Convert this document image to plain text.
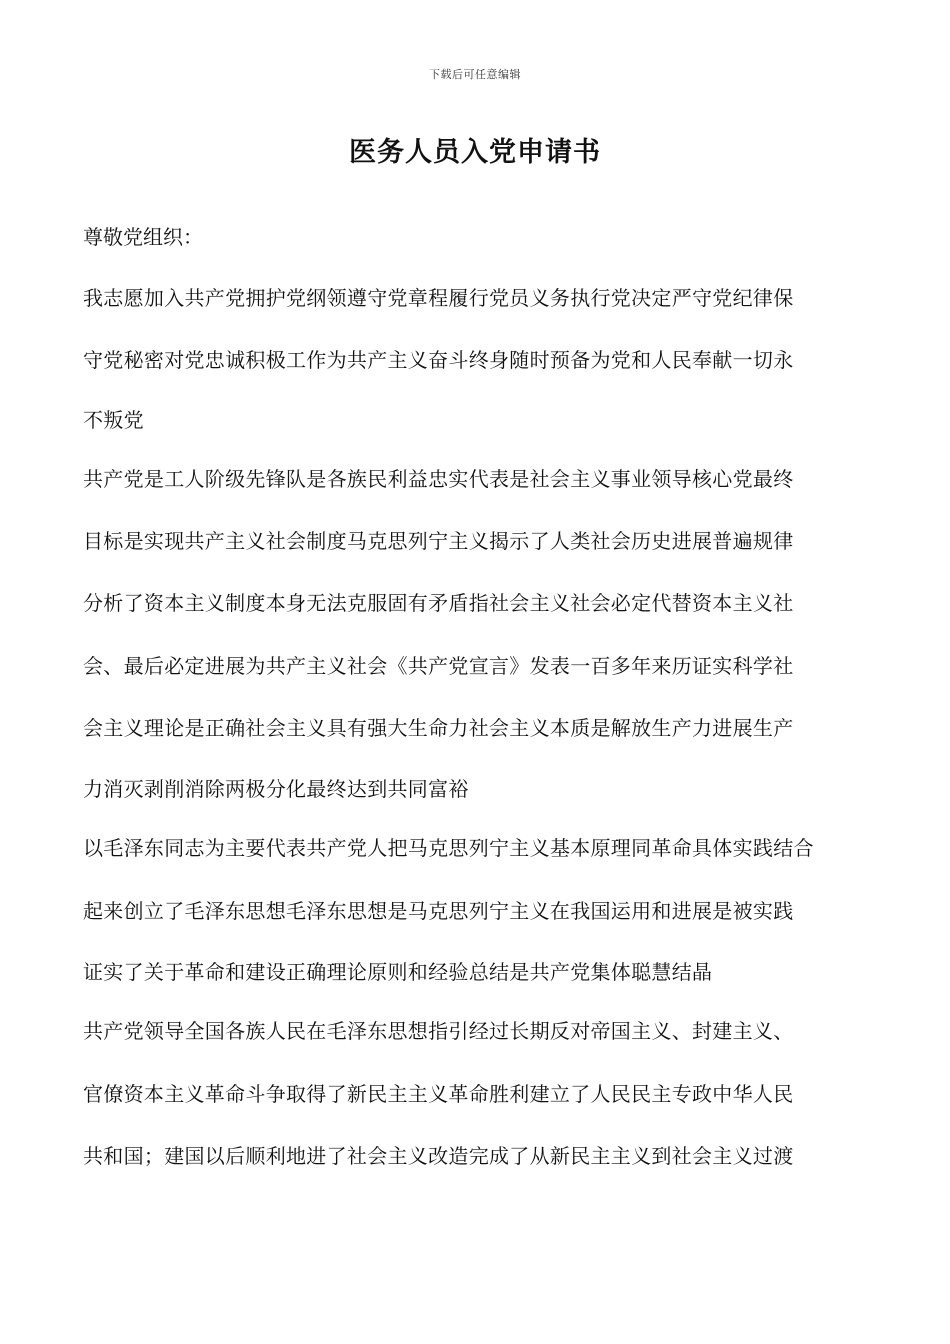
下载后可任意编辑
医务人员入党申请书

尊敬党组织：

我志愿加入共产党拥护党纲领遵守党章程履行党员义务执行党决定严守党纪律保
守党秘密对党忠诚积极工作为共产主义奋斗终身随时预备为党和人民奉献一切永
不叛党
共产党是工人阶级先锋队是各族民利益忠实代表是社会主义事业领导核心党最终
目标是实现共产主义社会制度马克思列宁主义揭示了人类社会历史进展普遍规律
分析了资本主义制度本身无法克服固有矛盾指社会主义社会必定代替资本主义社
会、最后必定进展为共产主义社会《共产党宣言》发表一百多年来历证实科学社
会主义理论是正确社会主义具有强大生命力社会主义本质是解放生产力进展生产
力消灭剥削消除两极分化最终达到共同富裕
以毛泽东同志为主要代表共产党人把马克思列宁主义基本原理同革命具体实践结合
起来创立了毛泽东思想毛泽东思想是马克思列宁主义在我国运用和进展是被实践
证实了关于革命和建设正确理论原则和经验总结是共产党集体聪慧结晶
共产党领导全国各族人民在毛泽东思想指引经过长期反对帝国主义、封建主义、
官僚资本主义革命斗争取得了新民主主义革命胜利建立了人民民主专政中华人民
共和国；建国以后顺利地进了社会主义改造完成了从新民主主义到社会主义过渡
